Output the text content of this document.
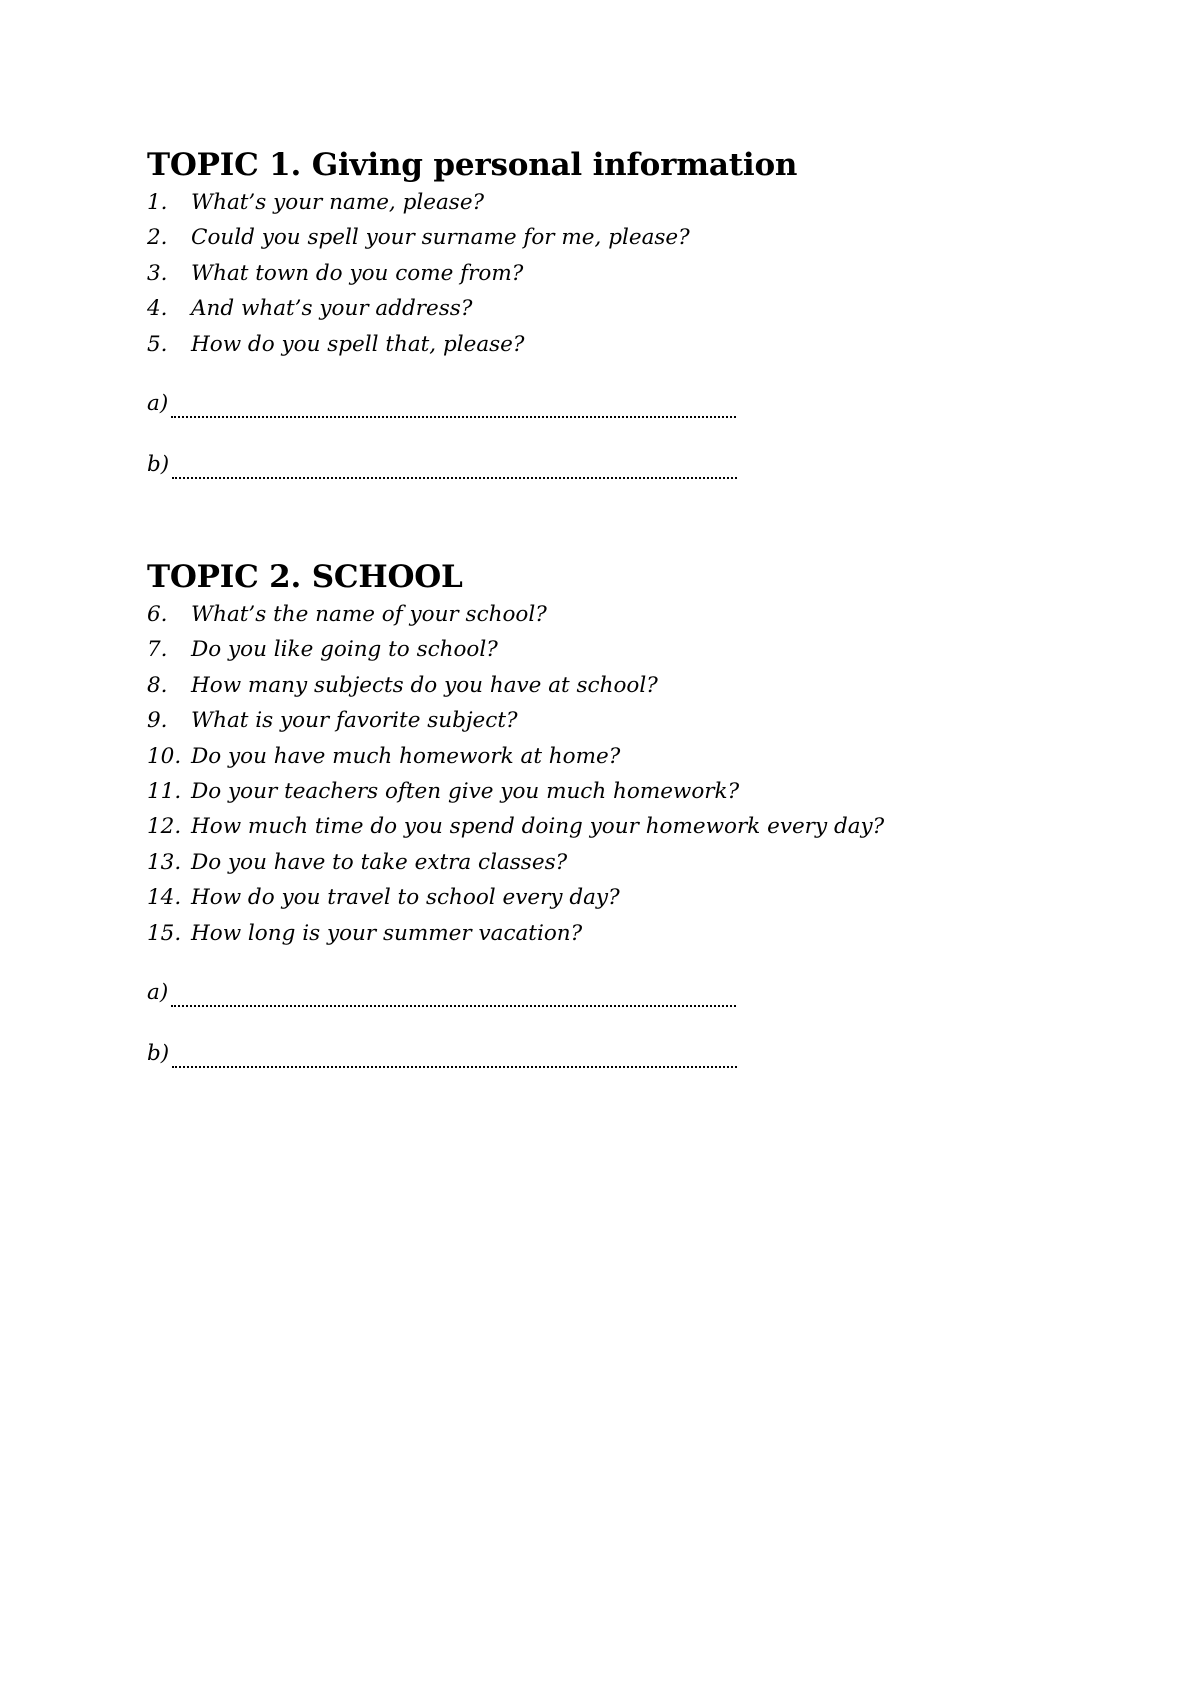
TOPIC 1. Giving personal information
1.	What’s your name, please?
2.	Could you spell your surname for me, please?
3.	What town do you come from?
4.	And what’s your address?
5.	How do you spell that, please?
a)
b)
TOPIC 2. SCHOOL
6.	What’s the name of your school?
7.	Do you like going to school?
8.	How many subjects do you have at school?
9.	What is your favorite subject?
10. Do you have much homework at home?
11. Do your teachers often give you much homework?
12. How much time do you spend doing your homework every day?
13. Do you have to take extra classes?
14. How do you travel to school every day?
15. How long is your summer vacation?
a)
b)
